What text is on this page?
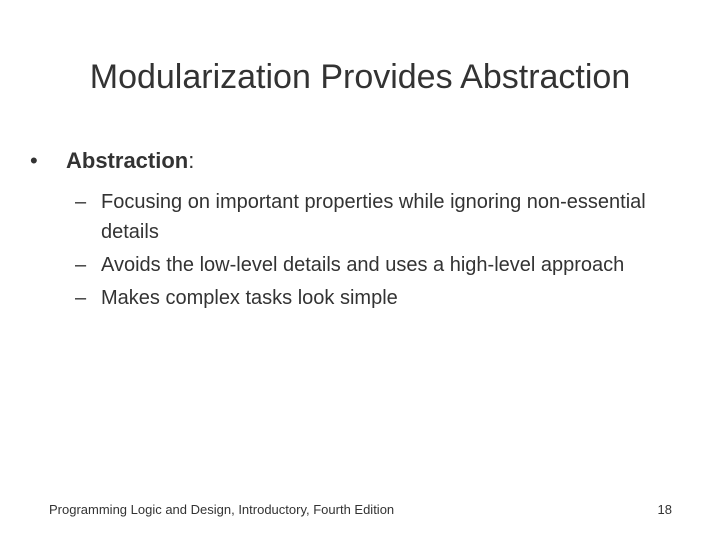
Modularization Provides Abstraction
• Abstraction:
– Focusing on important properties while ignoring non-essential details
– Avoids the low-level details and uses a high-level approach
– Makes complex tasks look simple
Programming Logic and Design, Introductory, Fourth Edition	18
